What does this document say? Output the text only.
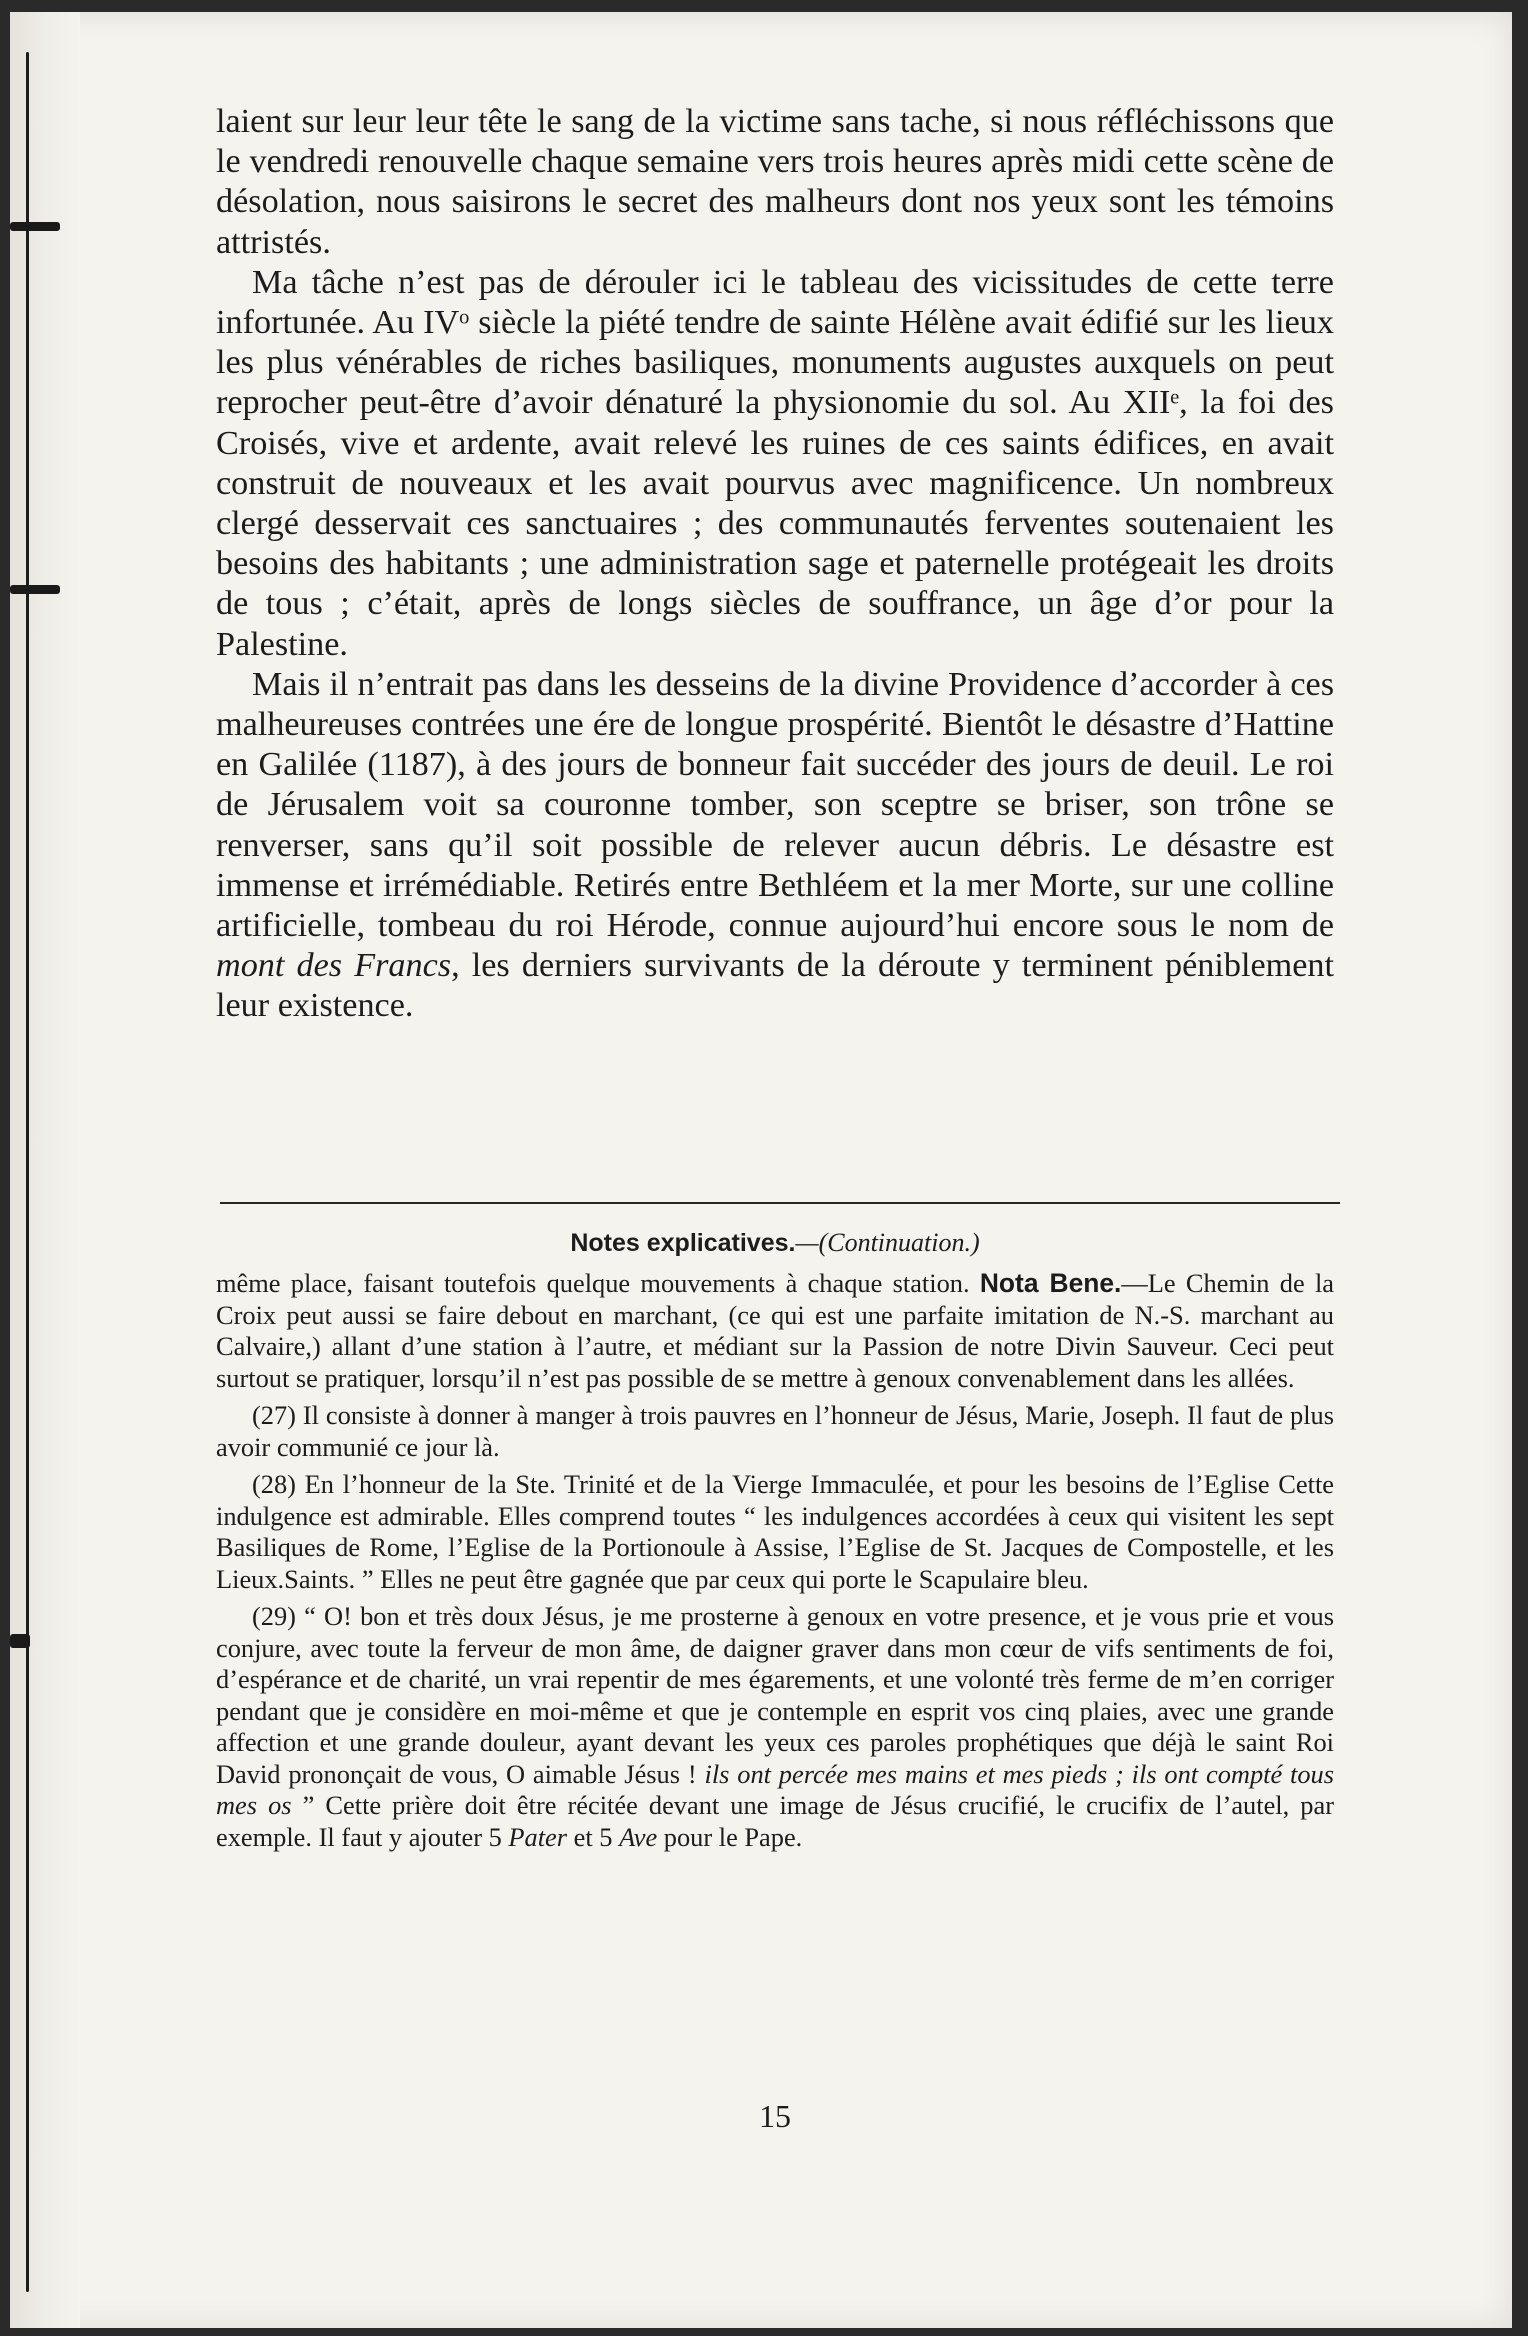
laient sur leur leur tête le sang de la victime sans tache, si nous réfléchissons que le vendredi renouvelle chaque semaine vers trois heures après midi cette scène de désolation, nous saisirons le secret des malheurs dont nos yeux sont les témoins attristés.

Ma tâche n’est pas de dérouler ici le tableau des vicissitudes de cette terre infortunée. Au IVᵒ siècle la piété tendre de sainte Hélène avait édifié sur les lieux les plus vénérables de riches basiliques, monuments augustes auxquels on peut reprocher peut-être d’avoir dénaturé la physionomie du sol. Au XIIᵉ, la foi des Croisés, vive et ardente, avait relevé les ruines de ces saints édifices, en avait construit de nouveaux et les avait pourvus avec magnificence. Un nombreux clergé desservait ces sanctuaires ; des communautés ferventes soutenaient les besoins des habitants ; une administration sage et paternelle protégeait les droits de tous ; c’était, après de longs siècles de souffrance, un âge d’or pour la Palestine.

Mais il n’entrait pas dans les desseins de la divine Providence d’accorder à ces malheureuses contrées une ére de longue prospérité. Bientôt le désastre d’Hattine en Galilée (1187), à des jours de bonneur fait succéder des jours de deuil. Le roi de Jérusalem voit sa couronne tomber, son sceptre se briser, son trône se renverser, sans qu’il soit possible de relever aucun débris. Le désastre est immense et irrémédiable. Retirés entre Bethléem et la mer Morte, sur une colline artificielle, tombeau du roi Hérode, connue aujourd’hui encore sous le nom de mont des Francs, les derniers survivants de la déroute y terminent péniblement leur existence.

Notes explicatives.—(Continuation.)

même place, faisant toutefois quelque mouvements à chaque station. Nota Bene.—Le Chemin de la Croix peut aussi se faire debout en marchant, (ce qui est une parfaite imitation de N.-S. marchant au Calvaire,) allant d’une station à l’autre, et médiant sur la Passion de notre Divin Sauveur. Ceci peut surtout se pratiquer, lorsqu’il n’est pas possible de se mettre à genoux convenablement dans les allées.

(27) Il consiste à donner à manger à trois pauvres en l’honneur de Jésus, Marie, Joseph. Il faut de plus avoir communié ce jour là.

(28) En l’honneur de la Ste. Trinité et de la Vierge Immaculée, et pour les besoins de l’Eglise Cette indulgence est admirable. Elles comprend toutes “ les indulgences accordées à ceux qui visitent les sept Basiliques de Rome, l’Eglise de la Portionoule à Assise, l’Eglise de St. Jacques de Compostelle, et les Lieux.Saints. ” Elles ne peut être gagnée que par ceux qui porte le Scapulaire bleu.

(29) “ O! bon et très doux Jésus, je me prosterne à genoux en votre presence, et je vous prie et vous conjure, avec toute la ferveur de mon âme, de daigner graver dans mon cœur de vifs sentiments de foi, d’espérance et de charité, un vrai repentir de mes égarements, et une volonté très ferme de m’en corriger pendant que je considère en moi-même et que je contemple en esprit vos cinq plaies, avec une grande affection et une grande douleur, ayant devant les yeux ces paroles prophétiques que déjà le saint Roi David prononçait de vous, O aimable Jésus ! ils ont percée mes mains et mes pieds ; ils ont compté tous mes os ” Cette prière doit être récitée devant une image de Jésus crucifié, le crucifix de l’autel, par exemple. Il faut y ajouter 5 Pater et 5 Ave pour le Pape.

15
